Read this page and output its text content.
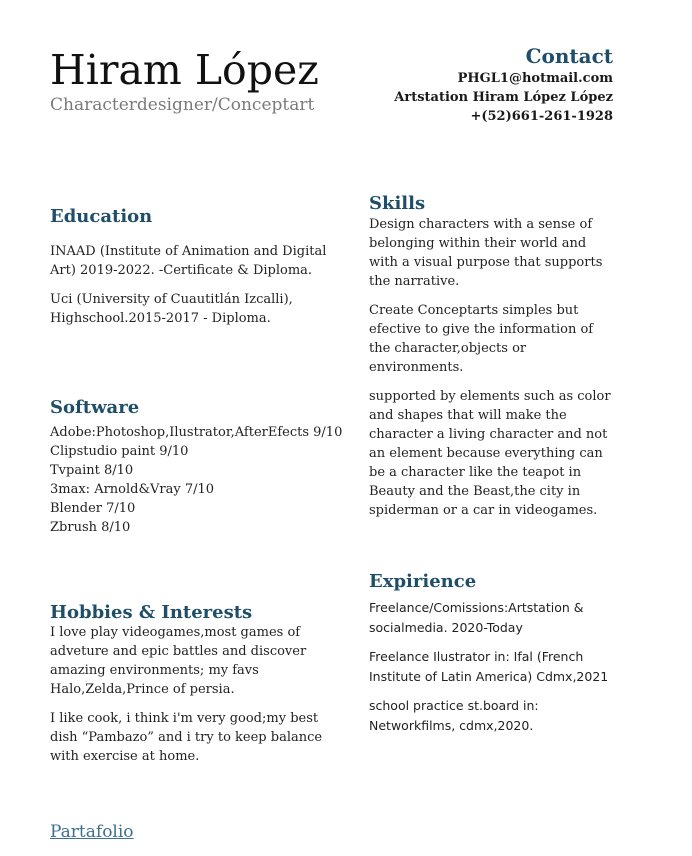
Hiram López
Characterdesigner/Conceptart
Contact
PHGL1@hotmail.com
Artstation Hiram López López
+(52)661-261-1928
Education
INAAD (Institute of Animation and Digital Art) 2019-2022. -Certificate & Diploma.
Uci (University of Cuautitlán Izcalli), Highschool.2015-2017 - Diploma.
Software
Adobe:Photoshop,Ilustrator,AfterEfects 9/10
Clipstudio paint 9/10
Tvpaint 8/10
3max: Arnold&Vray 7/10
Blender 7/10
Zbrush 8/10
Hobbies & Interests
I love play videogames,most games of adveture and epic battles and discover amazing environments; my favs Halo,Zelda,Prince of persia.
I like cook, i think i'm very good;my best dish “Pambazo” and i try to keep balance with exercise at home.
Skills
Design characters with a sense of belonging within their world and with a visual purpose that supports the narrative.
Create Conceptarts simples but efective to give the information of the character,objects or environments.
supported by elements such as color and shapes that will make the character a living character and not an element because everything can be a character like the teapot in Beauty and the Beast,the city in spiderman or a car in videogames.
Expirience
Freelance/Comissions:Artstation & socialmedia. 2020-Today
Freelance Ilustrator in: Ifal (French Institute of Latin America) Cdmx,2021
school practice st.board in: Networkfilms, cdmx,2020.
Partafolio
